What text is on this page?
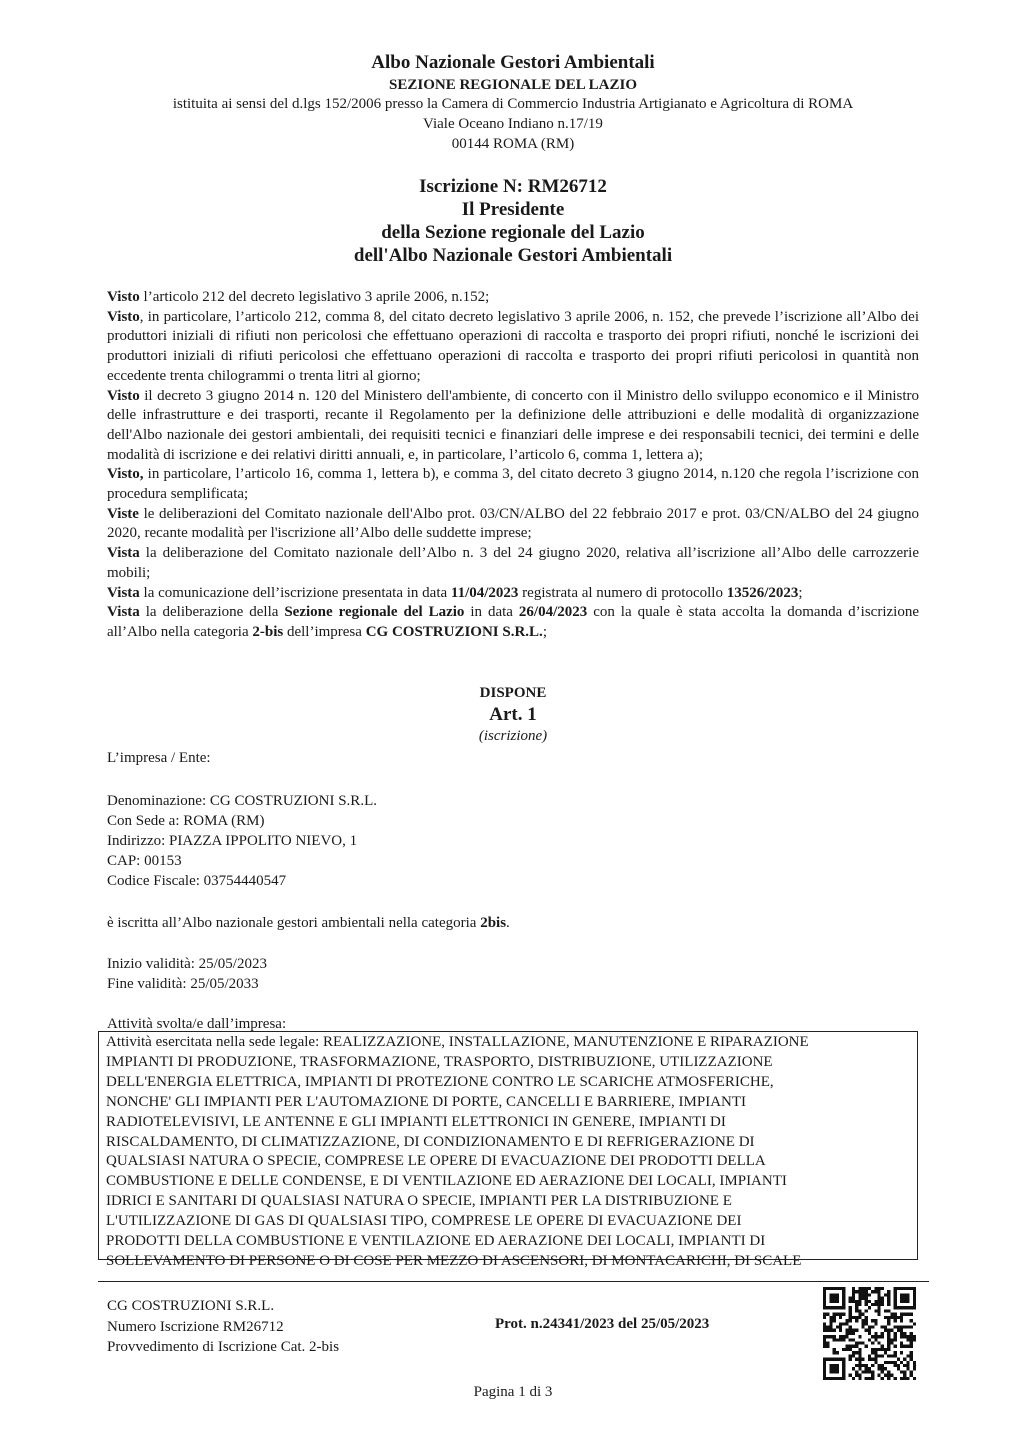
Albo Nazionale Gestori Ambientali
SEZIONE REGIONALE DEL LAZIO
istituita ai sensi del d.lgs 152/2006 presso la Camera di Commercio Industria Artigianato e Agricoltura di ROMA
Viale Oceano Indiano n.17/19
00144 ROMA (RM)
Iscrizione N: RM26712
Il Presidente
della Sezione regionale del Lazio
dell'Albo Nazionale Gestori Ambientali

Visto l’articolo 212 del decreto legislativo 3 aprile 2006, n.152;

Visto, in particolare, l’articolo 212, comma 8, del citato decreto legislativo 3 aprile 2006, n. 152, che prevede l’iscrizione all’Albo dei produttori iniziali di rifiuti non pericolosi che effettuano operazioni di raccolta e trasporto dei propri rifiuti, nonché le iscrizioni dei produttori iniziali di rifiuti pericolosi che effettuano operazioni di raccolta e trasporto dei propri rifiuti pericolosi in quantità non eccedente trenta chilogrammi o trenta litri al giorno;

Visto il decreto 3 giugno 2014 n. 120 del Ministero dell'ambiente, di concerto con il Ministro dello sviluppo economico e il Ministro delle infrastrutture e dei trasporti, recante il Regolamento per la definizione delle attribuzioni e delle modalità di organizzazione dell'Albo nazionale dei gestori ambientali, dei requisiti tecnici e finanziari delle imprese e dei responsabili tecnici, dei termini e delle modalità di iscrizione e dei relativi diritti annuali, e, in particolare, l’articolo 6, comma 1, lettera a);

Visto, in particolare, l’articolo 16, comma 1, lettera b), e comma 3, del citato decreto 3 giugno 2014, n.120 che regola l’iscrizione con procedura semplificata;

Viste le deliberazioni del Comitato nazionale dell'Albo prot. 03/CN/ALBO del 22 febbraio 2017 e prot. 03/CN/ALBO del 24 giugno 2020, recante modalità per l'iscrizione all’Albo delle suddette imprese;

Vista la deliberazione del Comitato nazionale dell’Albo n. 3 del 24 giugno 2020, relativa all’iscrizione all’Albo delle carrozzerie mobili;

Vista la comunicazione dell’iscrizione presentata in data 11/04/2023 registrata al numero di protocollo 13526/2023;

Vista la deliberazione della Sezione regionale del Lazio in data 26/04/2023 con la quale è stata accolta la domanda d’iscrizione all’Albo nella categoria 2-bis dell’impresa CG COSTRUZIONI S.R.L.;

DISPONE
Art. 1
(iscrizione)
L’impresa / Ente:
Denominazione: CG COSTRUZIONI S.R.L.
Con Sede a: ROMA (RM)
Indirizzo: PIAZZA IPPOLITO NIEVO, 1
CAP: 00153
Codice Fiscale: 03754440547
è iscritta all’Albo nazionale gestori ambientali nella categoria 2bis.
Inizio validità: 25/05/2023
Fine validità: 25/05/2033
Attività svolta/e dall’impresa:
Attività esercitata nella sede legale: REALIZZAZIONE, INSTALLAZIONE, MANUTENZIONE E RIPARAZIONE
IMPIANTI DI PRODUZIONE, TRASFORMAZIONE, TRASPORTO, DISTRIBUZIONE, UTILIZZAZIONE
DELL'ENERGIA ELETTRICA, IMPIANTI DI PROTEZIONE CONTRO LE SCARICHE ATMOSFERICHE,
NONCHE' GLI IMPIANTI PER L'AUTOMAZIONE DI PORTE, CANCELLI E BARRIERE, IMPIANTI
RADIOTELEVISIVI, LE ANTENNE E GLI IMPIANTI ELETTRONICI IN GENERE, IMPIANTI DI
RISCALDAMENTO, DI CLIMATIZZAZIONE, DI CONDIZIONAMENTO E DI REFRIGERAZIONE DI
QUALSIASI NATURA O SPECIE, COMPRESE LE OPERE DI EVACUAZIONE DEI PRODOTTI DELLA
COMBUSTIONE E DELLE CONDENSE, E DI VENTILAZIONE ED AERAZIONE DEI LOCALI, IMPIANTI
IDRICI E SANITARI DI QUALSIASI NATURA O SPECIE, IMPIANTI PER LA DISTRIBUZIONE E
L'UTILIZZAZIONE DI GAS DI QUALSIASI TIPO, COMPRESE LE OPERE DI EVACUAZIONE DEI
PRODOTTI DELLA COMBUSTIONE E VENTILAZIONE ED AERAZIONE DEI LOCALI, IMPIANTI DI
SOLLEVAMENTO DI PERSONE O DI COSE PER MEZZO DI ASCENSORI, DI MONTACARICHI, DI SCALE
CG COSTRUZIONI S.R.L.
Numero Iscrizione RM26712
Provvedimento di Iscrizione Cat. 2-bis
Prot. n.24341/2023 del 25/05/2023
Pagina 1 di 3
